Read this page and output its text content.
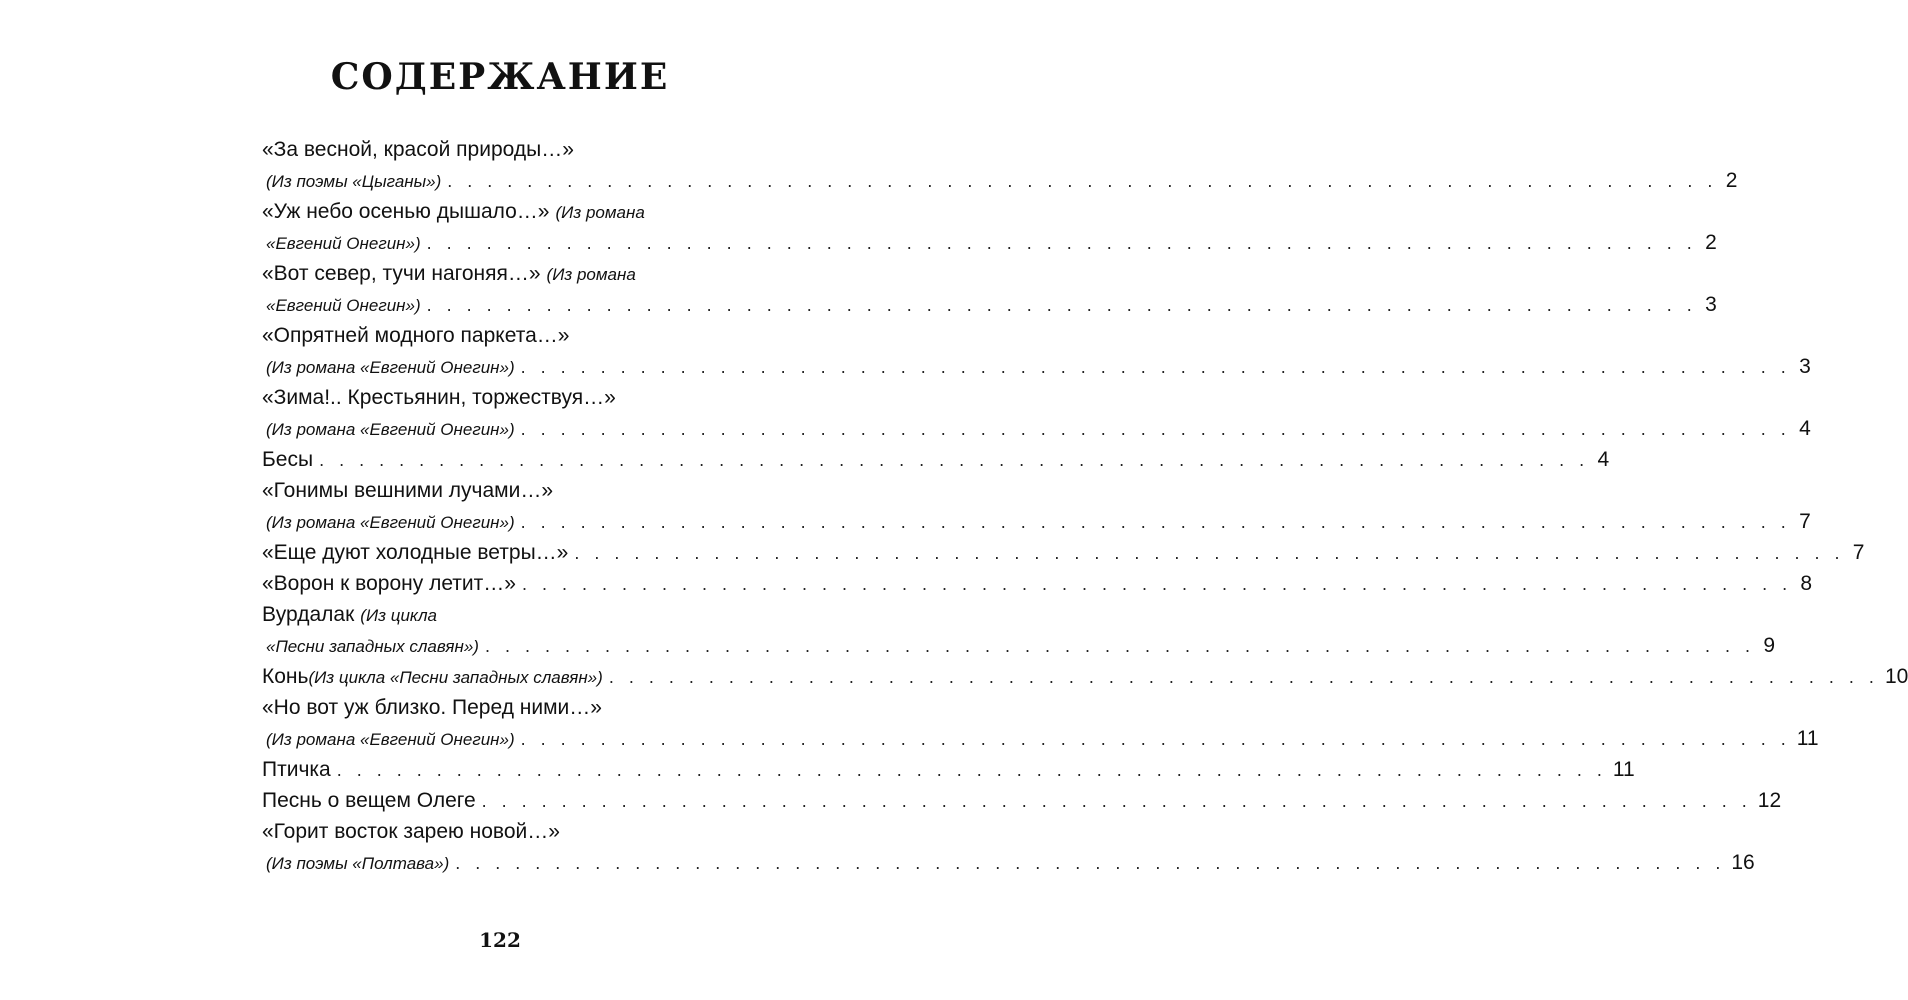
СОДЕРЖАНИЕ
«За весной, красой природы…»
(Из поэмы «Цыганы») . . . . . . . . . . . . . . . . . . . . . . . . . . . . . . . . . . . . . . . . . . . . . . . . . . . . . . . . . . . . . . . . 2
«Уж небо осенью дышало…» (Из романа
«Евгений Онегин») . . . . . . . . . . . . . . . . . . . . . . . . . . . . . . . . . . . . . . . . . . . . . . . . . . . . . . . . . . . . . . . . 2
«Вот север, тучи нагоняя…» (Из романа
«Евгений Онегин») . . . . . . . . . . . . . . . . . . . . . . . . . . . . . . . . . . . . . . . . . . . . . . . . . . . . . . . . . . . . . . . . 3
«Опрятней модного паркета…»
(Из романа «Евгений Онегин») . . . . . . . . . . . . . . . . . . . . . . . . . . . . . . . . . . . . . . . . . . . . . . . . . . . . . . . . . . . . . . . . 3
«Зима!.. Крестьянин, торжествуя…»
(Из романа «Евгений Онегин») . . . . . . . . . . . . . . . . . . . . . . . . . . . . . . . . . . . . . . . . . . . . . . . . . . . . . . . . . . . . . . . . 4
Бесы . . . . . . . . . . . . . . . . . . . . . . . . . . . . . . . . . . . . . . . . . . . . . . . . . . . . . . . . . . . . . . . . 4
«Гонимы вешними лучами…»
(Из романа «Евгений Онегин») . . . . . . . . . . . . . . . . . . . . . . . . . . . . . . . . . . . . . . . . . . . . . . . . . . . . . . . . . . . . . . . . 7
«Еще дуют холодные ветры…» . . . . . . . . . . . . . . . . . . . . . . . . . . . . . . . . . . . . . . . . . . . . . . . . . . . . . . . . . . . . . . . . 7
«Ворон к ворону летит…» . . . . . . . . . . . . . . . . . . . . . . . . . . . . . . . . . . . . . . . . . . . . . . . . . . . . . . . . . . . . . . . . 8
Вурдалак (Из цикла
«Песни западных славян») . . . . . . . . . . . . . . . . . . . . . . . . . . . . . . . . . . . . . . . . . . . . . . . . . . . . . . . . . . . . . . . . 9
Конь (Из цикла «Песни западных славян») . . . . . . . . . . . . . . . . . . . . . . . . . . . . . . . . . . . . . . . . . . . . . . . . . . . . . . . . . . . . . . . . 10
«Но вот уж близко. Перед ними…»
(Из романа «Евгений Онегин») . . . . . . . . . . . . . . . . . . . . . . . . . . . . . . . . . . . . . . . . . . . . . . . . . . . . . . . . . . . . . . . . 11
Птичка . . . . . . . . . . . . . . . . . . . . . . . . . . . . . . . . . . . . . . . . . . . . . . . . . . . . . . . . . . . . . . . . 11
Песнь о вещем Олеге . . . . . . . . . . . . . . . . . . . . . . . . . . . . . . . . . . . . . . . . . . . . . . . . . . . . . . . . . . . . . . . . 12
«Горит восток зарею новой…»
(Из поэмы «Полтава») . . . . . . . . . . . . . . . . . . . . . . . . . . . . . . . . . . . . . . . . . . . . . . . . . . . . . . . . . . . . . . . . 16
122
